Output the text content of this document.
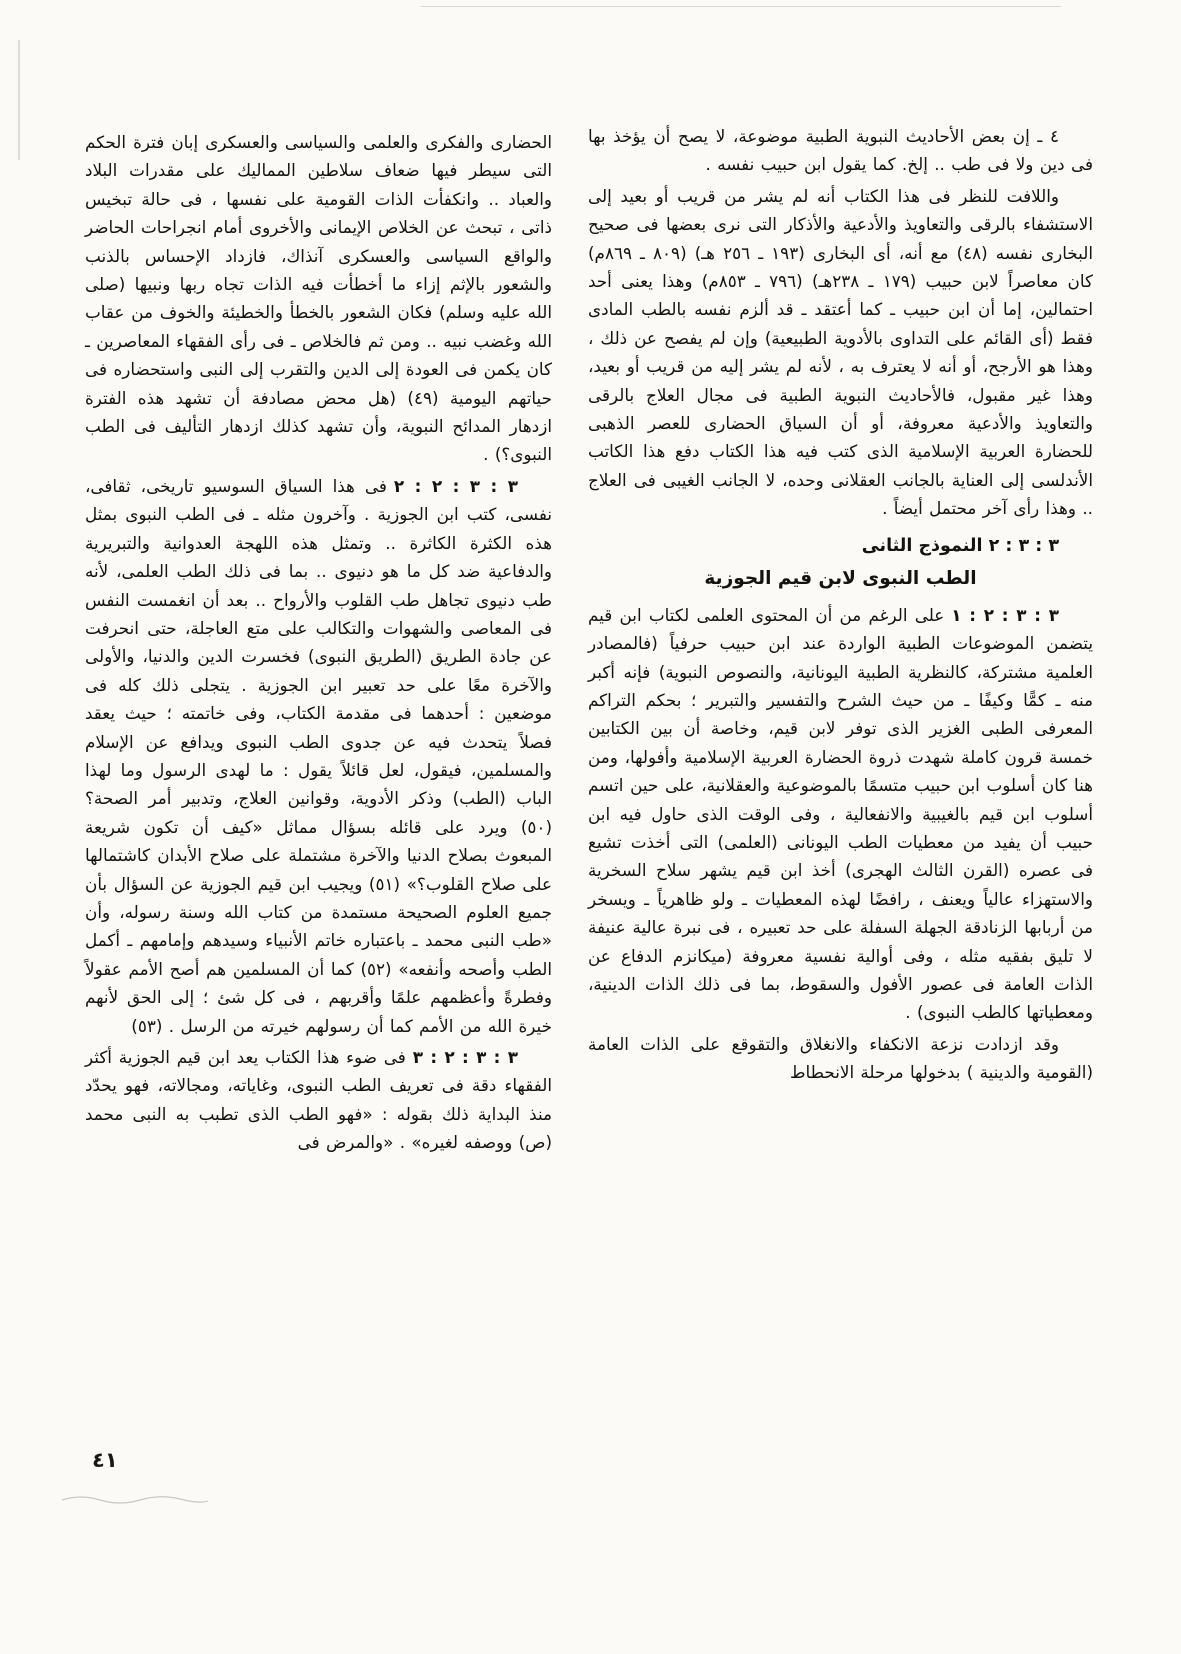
٤ ـ إن بعض الأحاديث النبوية الطبية موضوعة، لا يصح أن يؤخذ بها فى دين ولا فى طب .. إلخ. كما يقول ابن حبيب نفسه .

واللافت للنظر فى هذا الكتاب أنه لم يشر من قريب أو بعيد إلى الاستشفاء بالرقى والتعاويذ والأدعية والأذكار التى نرى بعضها فى صحيح البخارى نفسه (٤٨) مع أنه، أى البخارى (١٩٣ ـ ٢٥٦ هـ) (٨٠٩ ـ ٨٦٩م) كان معاصراً لابن حبيب (١٧٩ ـ ٢٣٨هـ) (٧٩٦ ـ ٨٥٣م) وهذا يعنى أحد احتمالين، إما أن ابن حبيب ـ كما أعتقد ـ قد ألزم نفسه بالطب المادى فقط (أى القائم على التداوى بالأدوية الطبيعية) وإن لم يفصح عن ذلك ، وهذا هو الأرجح، أو أنه لا يعترف به ، لأنه لم يشر إليه من قريب أو بعيد، وهذا غير مقبول، فالأحاديث النبوية الطبية فى مجال العلاج بالرقى والتعاويذ والأدعية معروفة، أو أن السياق الحضارى للعصر الذهبى للحضارة العربية الإسلامية الذى كتب فيه هذا الكتاب دفع هذا الكاتب الأندلسى إلى العناية بالجانب العقلانى وحده، لا الجانب الغيبى فى العلاج .. وهذا رأى آخر محتمل أيضاً .

٣ : ٣ : ٢ النموذج الثانى
الطب النبوى لابن قيم الجوزية

٣ : ٣ : ٢ : ١على الرغم من أن المحتوى العلمى لكتاب ابن قيم يتضمن الموضوعات الطبية الواردة عند ابن حبيب حرفياً (فالمصادر العلمية مشتركة، كالنظرية الطبية اليونانية، والنصوص النبوية) فإنه أكبر منه ـ كمًّا وكيفًا ـ من حيث الشرح والتفسير والتبرير ؛ بحكم التراكم المعرفى الطبى الغزير الذى توفر لابن قيم، وخاصة أن بين الكتابين خمسة قرون كاملة شهدت ذروة الحضارة العربية الإسلامية وأفولها، ومن هنا كان أسلوب ابن حبيب متسمًا بالموضوعية والعقلانية، على حين اتسم أسلوب ابن قيم بالغيبية والانفعالية ، وفى الوقت الذى حاول فيه ابن حبيب أن يفيد من معطيات الطب اليونانى (العلمى) التى أخذت تشيع فى عصره (القرن الثالث الهجرى) أخذ ابن قيم يشهر سلاح السخرية والاستهزاء عالياً ويعنف ، رافضًا لهذه المعطيات ـ ولو ظاهرياً ـ ويسخر من أربابها الزنادقة الجهلة السفلة على حد تعبيره ، فى نبرة عالية عنيفة لا تليق بفقيه مثله ، وفى أوالية نفسية معروفة (ميكانزم الدفاع عن الذات العامة فى عصور الأفول والسقوط، بما فى ذلك الذات الدينية، ومعطياتها كالطب النبوى) .

وقد ازدادت نزعة الانكفاء والانغلاق والتقوقع على الذات العامة (القومية والدينية ) بدخولها مرحلة الانحطاط

الحضارى والفكرى والعلمى والسياسى والعسكرى إبان فترة الحكم التى سيطر فيها ضعاف سلاطين المماليك على مقدرات البلاد والعباد .. وانكفأت الذات القومية على نفسها ، فى حالة تبخيس ذاتى ، تبحث عن الخلاص الإيمانى والأخروى أمام انجراحات الحاضر والواقع السياسى والعسكرى آنذاك، فازداد الإحساس بالذنب والشعور بالإثم إزاء ما أخطأت فيه الذات تجاه ربها ونبيها (صلى الله عليه وسلم) فكان الشعور بالخطأ والخطيئة والخوف من عقاب الله وغضب نبيه .. ومن ثم فالخلاص ـ فى رأى الفقهاء المعاصرين ـ كان يكمن فى العودة إلى الدين والتقرب إلى النبى واستحضاره فى حياتهم اليومية (٤٩) (هل محض مصادفة أن تشهد هذه الفترة ازدهار المدائح النبوية، وأن تشهد كذلك ازدهار التأليف فى الطب النبوى؟) .

٣ : ٣ : ٢ : ٢فى هذا السياق السوسيو تاريخى، ثقافى، نفسى، كتب ابن الجوزية . وآخرون مثله ـ فى الطب النبوى بمثل هذه الكثرة الكاثرة .. وتمثل هذه اللهجة العدوانية والتبريرية والدفاعية ضد كل ما هو دنيوى .. بما فى ذلك الطب العلمى، لأنه طب دنيوى تجاهل طب القلوب والأرواح .. بعد أن انغمست النفس فى المعاصى والشهوات والتكالب على متع العاجلة، حتى انحرفت عن جادة الطريق (الطريق النبوى) فخسرت الدين والدنيا، والأولى والآخرة معًا على حد تعبير ابن الجوزية . يتجلى ذلك كله فى موضعين : أحدهما فى مقدمة الكتاب، وفى خاتمته ؛ حيث يعقد فصلاً يتحدث فيه عن جدوى الطب النبوى ويدافع عن الإسلام والمسلمين، فيقول، لعل قائلاً يقول : ما لهدى الرسول وما لهذا الباب (الطب) وذكر الأدوية، وقوانين العلاج، وتدبير أمر الصحة؟ (٥٠) ويرد على قائله بسؤال مماثل «كيف أن تكون شريعة المبعوث بصلاح الدنيا والآخرة مشتملة على صلاح الأبدان كاشتمالها على صلاح القلوب؟» (٥١) ويجيب ابن قيم الجوزية عن السؤال بأن جميع العلوم الصحيحة مستمدة من كتاب الله وسنة رسوله، وأن «طب النبى محمد ـ باعتباره خاتم الأنبياء وسيدهم وإمامهم ـ أكمل الطب وأصحه وأنفعه» (٥٢) كما أن المسلمين هم أصح الأمم عقولاً وفطرةً وأعظمهم علمًا وأقربهم ، فى كل شئ ؛ إلى الحق لأنهم خيرة الله من الأمم كما أن رسولهم خيرته من الرسل . (٥٣)

٣ : ٣ : ٢ : ٣فى ضوء هذا الكتاب يعد ابن قيم الجوزية أكثر الفقهاء دقة فى تعريف الطب النبوى، وغاياته، ومجالاته، فهو يحدّد منذ البداية ذلك بقوله : «فهو الطب الذى تطبب به النبى محمد (ص) ووصفه لغيره» . «والمرض فى

٤١
